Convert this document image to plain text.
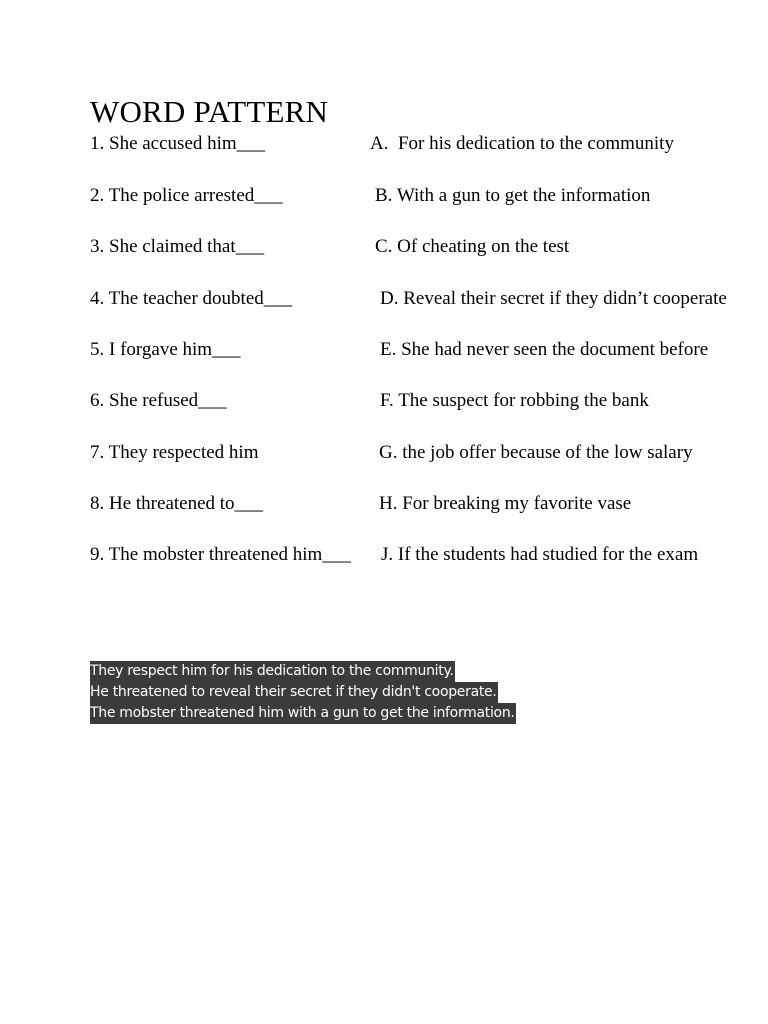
WORD PATTERN
1. She accused him___	A.  For his dedication to the community
2. The police arrested___	B. With a gun to get the information
3. She claimed that___	C. Of cheating on the test
4. The teacher doubted___	D. Reveal their secret if they didn’t cooperate
5. I forgave him___	E. She had never seen the document before
6. She refused___	F. The suspect for robbing the bank
7. They respected him	G. the job offer because of the low salary
8. He threatened to___	H. For breaking my favorite vase
9. The mobster threatened him___ J. If the students had studied for the exam
They respect him for his dedication to the community.
He threatened to reveal their secret if they didn't cooperate.
The mobster threatened him with a gun to get the information.
